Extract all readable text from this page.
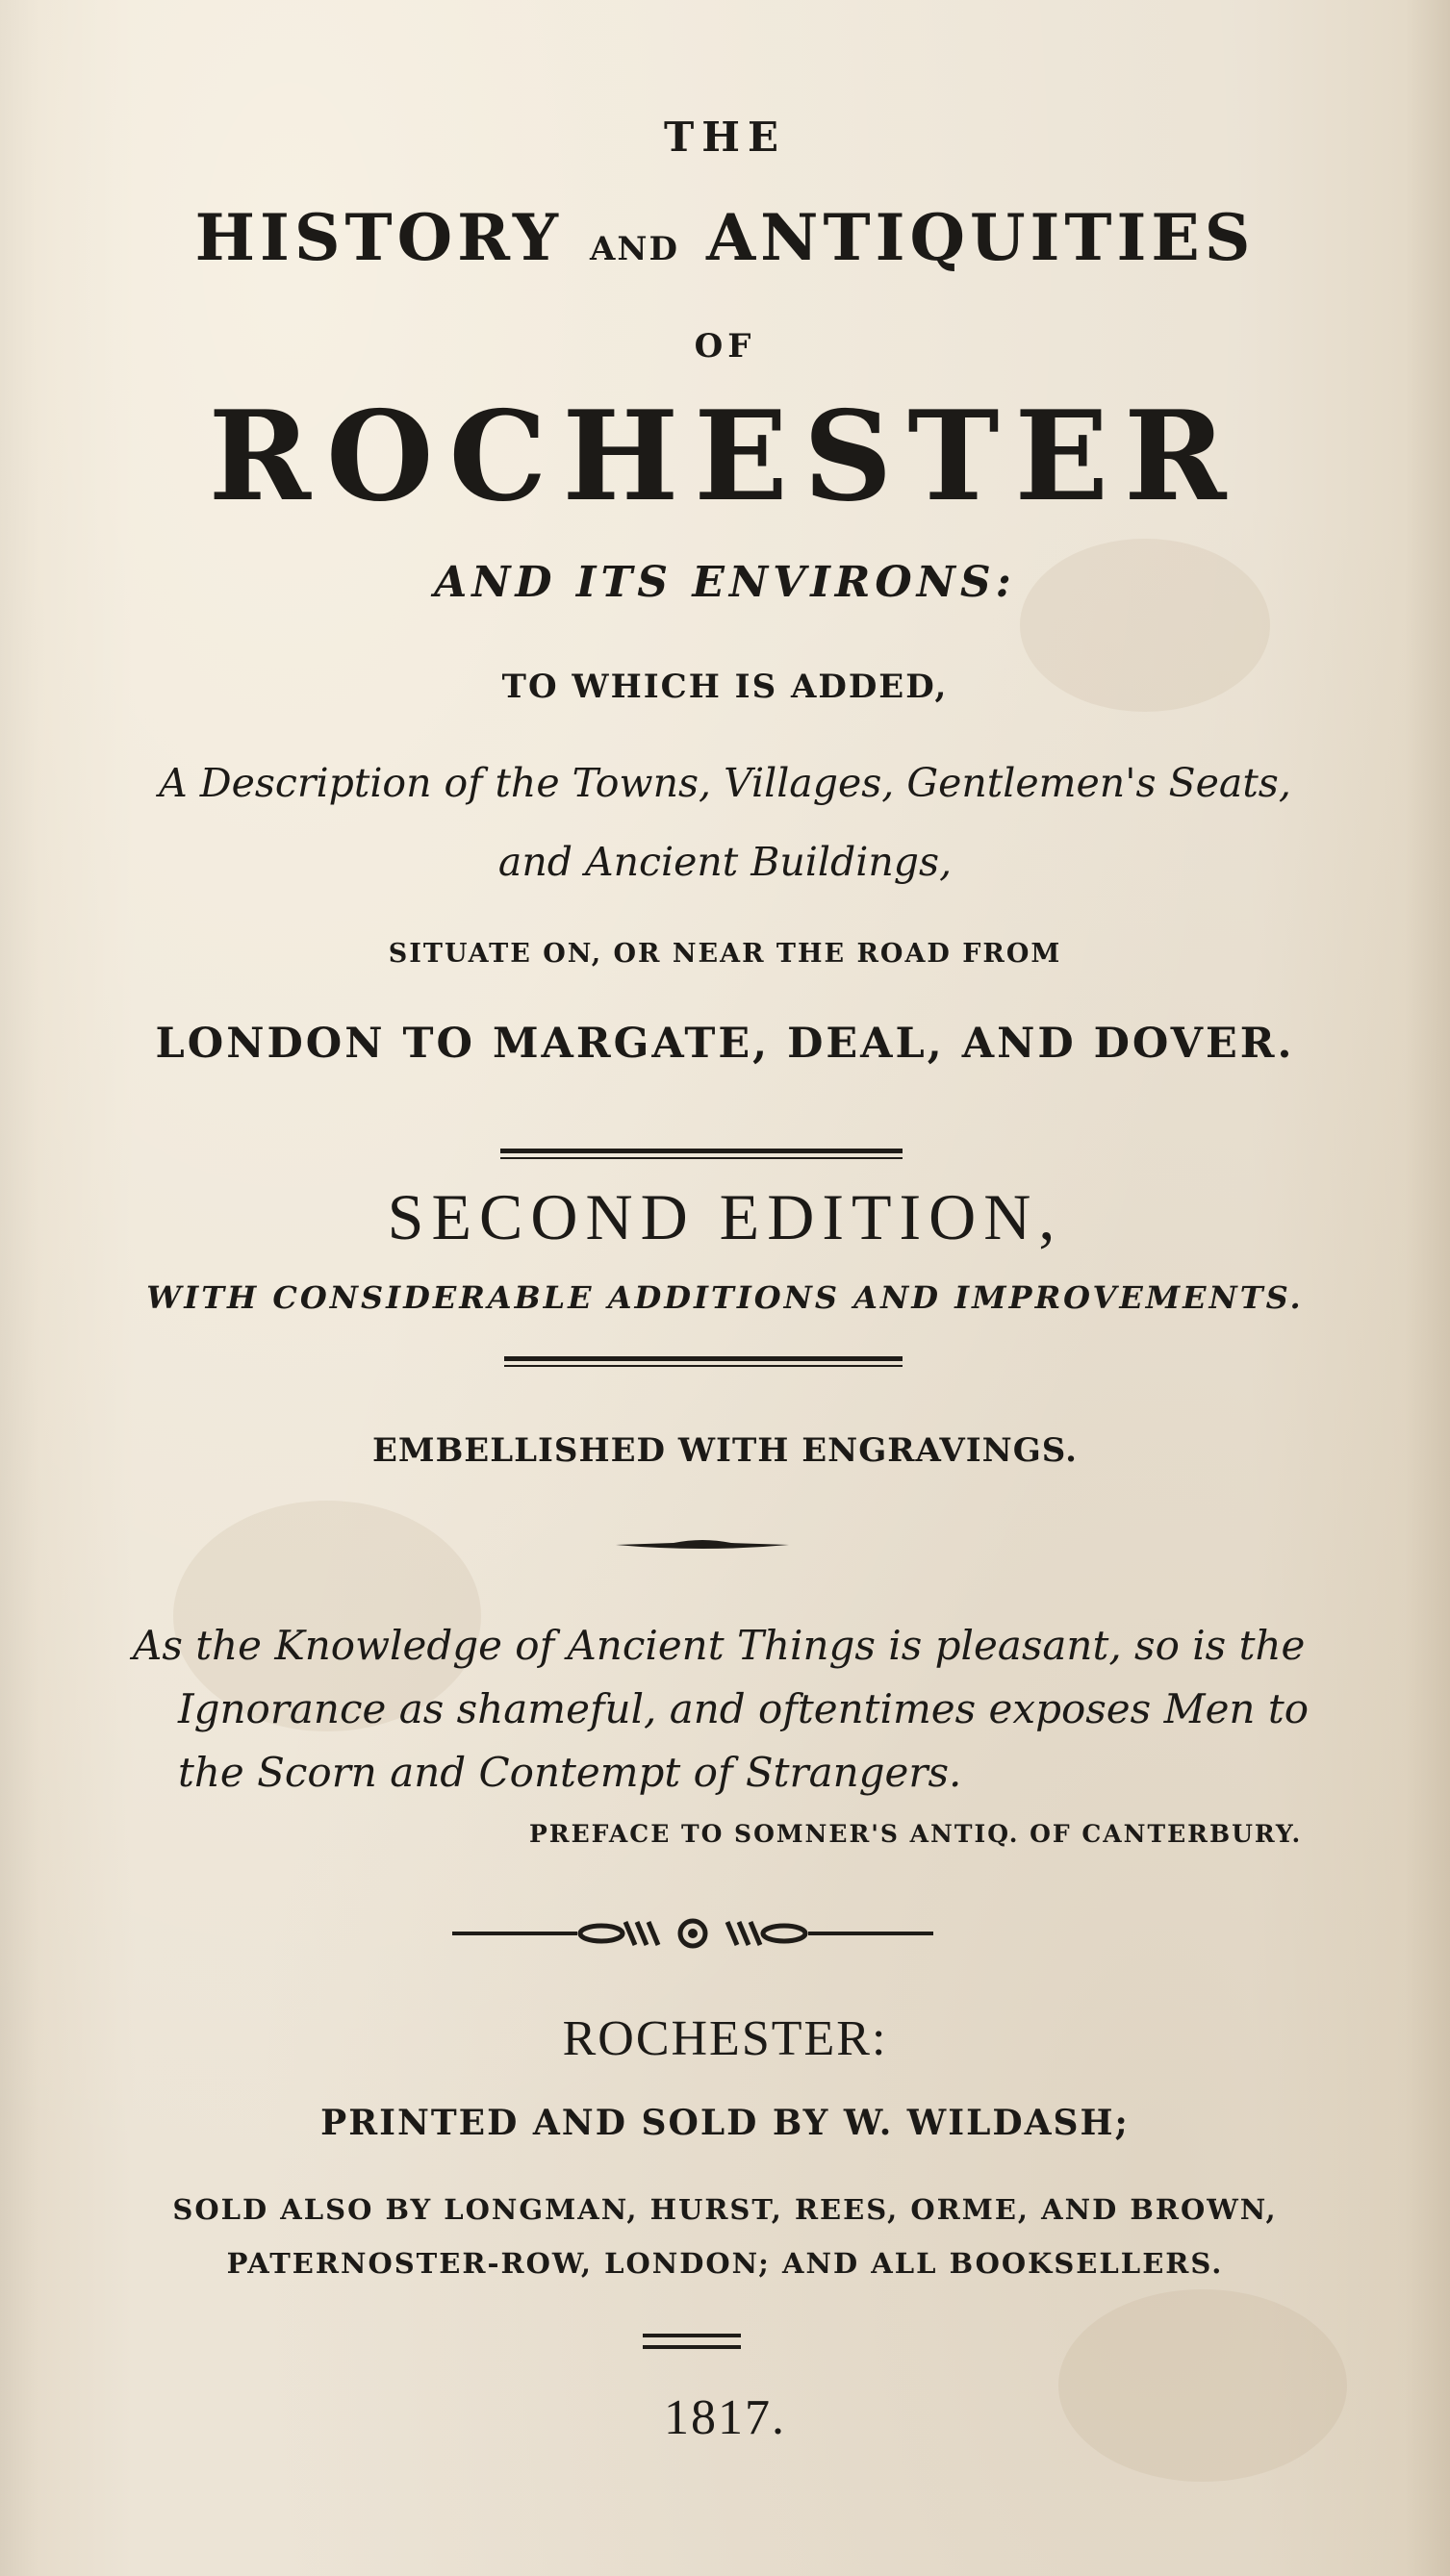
THE
HISTORY AND ANTIQUITIES
OF
ROCHESTER
AND ITS ENVIRONS:
TO WHICH IS ADDED,
A Description of the Towns, Villages, Gentlemen's Seats,
and Ancient Buildings,
SITUATE ON, OR NEAR THE ROAD FROM
LONDON TO MARGATE, DEAL, AND DOVER.
SECOND EDITION,
WITH CONSIDERABLE ADDITIONS AND IMPROVEMENTS.
EMBELLISHED WITH ENGRAVINGS.
As the Knowledge of Ancient Things is pleasant, so is the
Ignorance as shameful, and oftentimes exposes Men to
the Scorn and Contempt of Strangers.
PREFACE TO SOMNER'S ANTIQ. OF CANTERBURY.
ROCHESTER:
PRINTED AND SOLD BY W. WILDASH;
SOLD ALSO BY LONGMAN, HURST, REES, ORME, AND BROWN,
PATERNOSTER-ROW, LONDON; AND ALL BOOKSELLERS.
1817.
